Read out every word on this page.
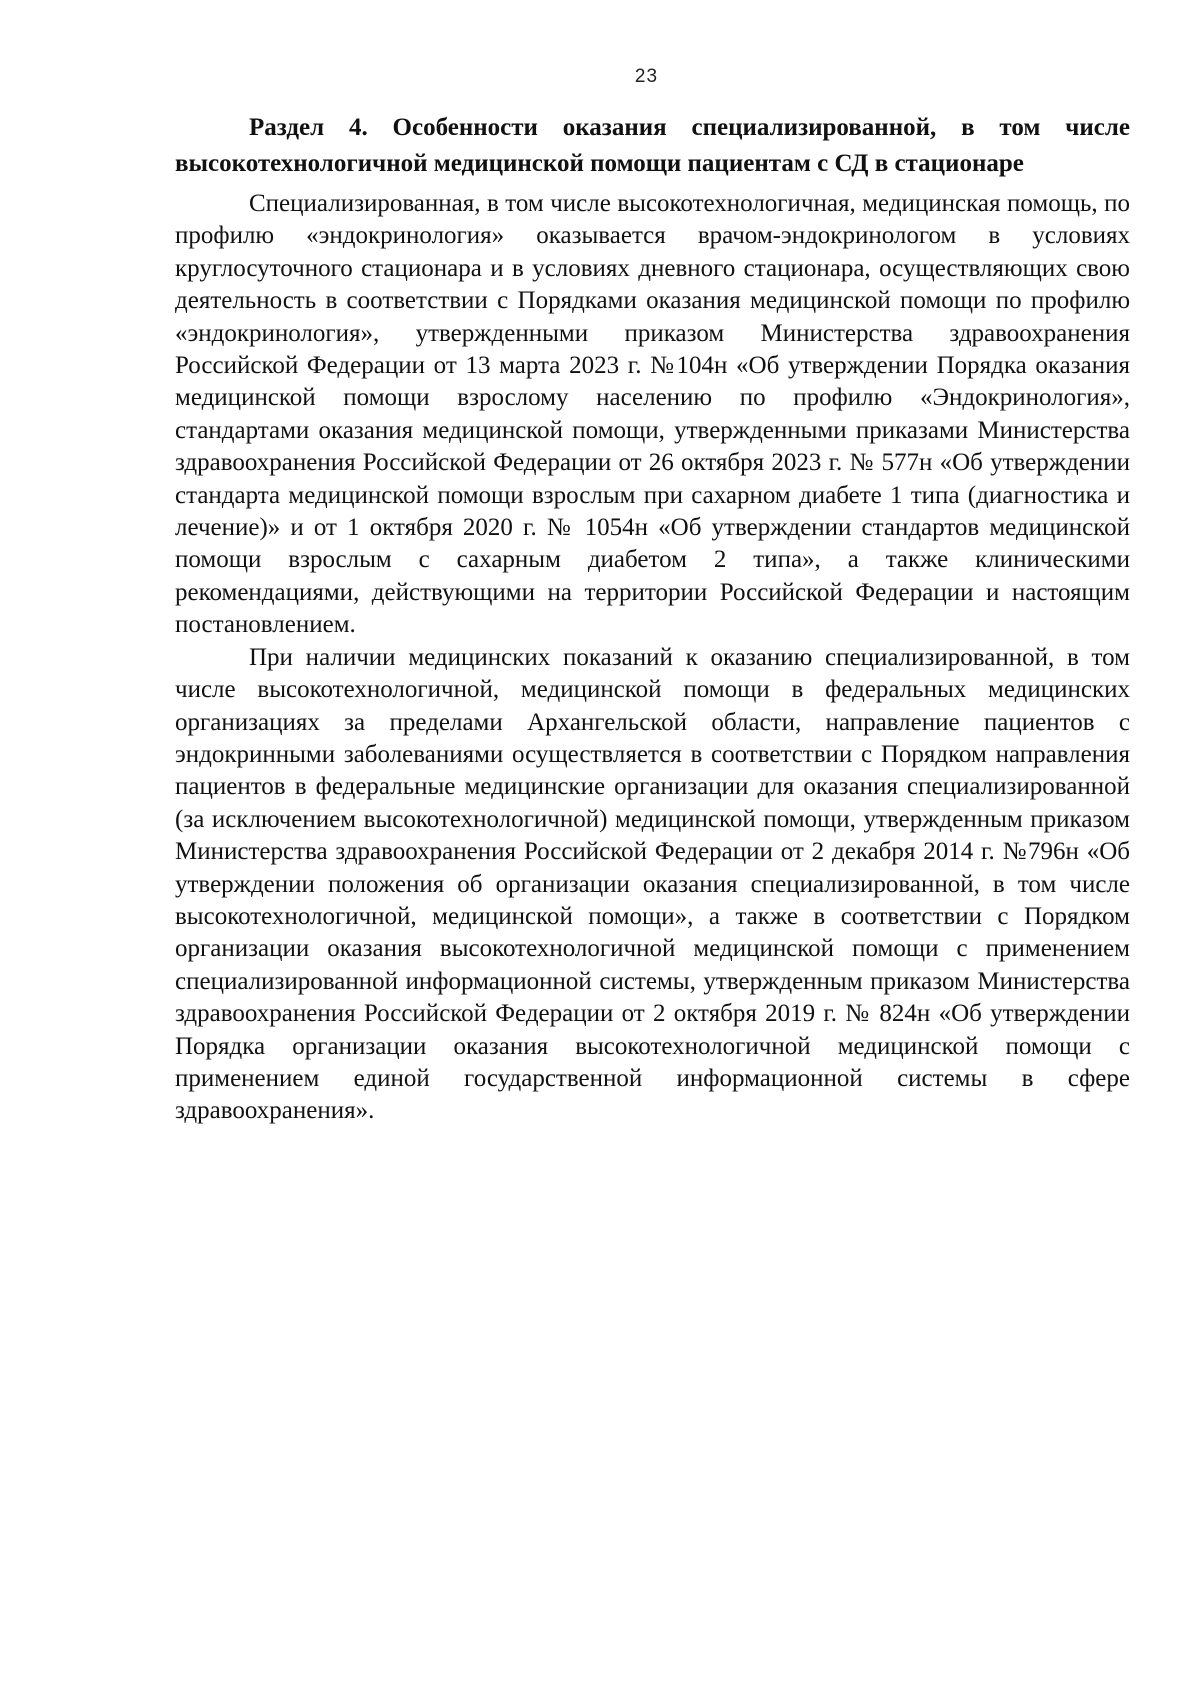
23

Раздел 4. Особенности оказания специализированной, в том числе высокотехнологичной медицинской помощи пациентам с СД в стационаре

Специализированная, в том числе высокотехнологичная, медицинская помощь, по профилю «эндокринология» оказывается врачом-эндокринологом в условиях круглосуточного стационара и в условиях дневного стационара, осуществляющих свою деятельность в соответствии с Порядками оказания медицинской помощи по профилю «эндокринология», утвержденными приказом Министерства здравоохранения Российской Федерации от 13 марта 2023 г. №104н «Об утверждении Порядка оказания медицинской помощи взрослому населению по профилю «Эндокринология», стандартами оказания медицинской помощи, утвержденными приказами Министерства здравоохранения Российской Федерации от 26 октября 2023 г. № 577н «Об утверждении стандарта медицинской помощи взрослым при сахарном диабете 1 типа (диагностика и лечение)» и от 1 октября 2020 г. № 1054н «Об утверждении стандартов медицинской помощи взрослым с сахарным диабетом 2 типа», а также клиническими рекомендациями, действующими на территории Российской Федерации и настоящим постановлением.

При наличии медицинских показаний к оказанию специализированной, в том числе высокотехнологичной, медицинской помощи в федеральных медицинских организациях за пределами Архангельской области, направление пациентов с эндокринными заболеваниями осуществляется в соответствии с Порядком направления пациентов в федеральные медицинские организации для оказания специализированной (за исключением высокотехнологичной) медицинской помощи, утвержденным приказом Министерства здравоохранения Российской Федерации от 2 декабря 2014 г. №796н «Об утверждении положения об организации оказания специализированной, в том числе высокотехнологичной, медицинской помощи», а также в соответствии с Порядком организации оказания высокотехнологичной медицинской помощи с применением специализированной информационной системы, утвержденным приказом Министерства здравоохранения Российской Федерации от 2 октября 2019 г. № 824н «Об утверждении Порядка организации оказания высокотехнологичной медицинской помощи с применением единой государственной информационной системы в сфере здравоохранения».
